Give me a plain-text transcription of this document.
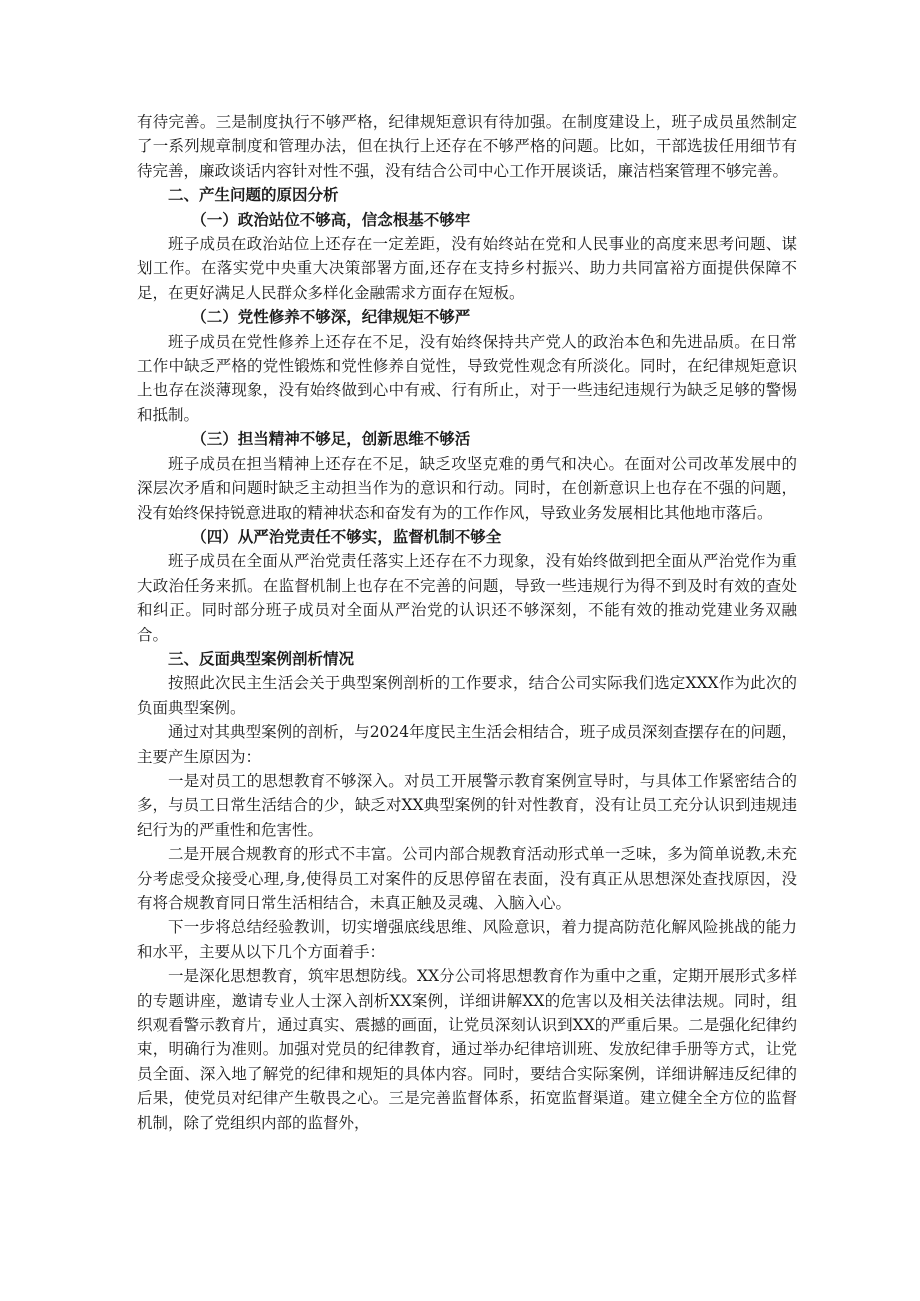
有待完善。三是制度执行不够严格，纪律规矩意识有待加强。在制度建设上，班子成员虽然制定了一系列规章制度和管理办法，但在执行上还存在不够严格的问题。比如，干部选拔任用细节有待完善，廉政谈话内容针对性不强，没有结合公司中心工作开展谈话，廉洁档案管理不够完善。

二、产生问题的原因分析

（一）政治站位不够高，信念根基不够牢

班子成员在政治站位上还存在一定差距，没有始终站在党和人民事业的高度来思考问题、谋划工作。在落实党中央重大决策部署方面,还存在支持乡村振兴、助力共同富裕方面提供保障不足，在更好满足人民群众多样化金融需求方面存在短板。

（二）党性修养不够深，纪律规矩不够严

班子成员在党性修养上还存在不足，没有始终保持共产党人的政治本色和先进品质。在日常工作中缺乏严格的党性锻炼和党性修养自觉性，导致党性观念有所淡化。同时，在纪律规矩意识上也存在淡薄现象，没有始终做到心中有戒、行有所止，对于一些违纪违规行为缺乏足够的警惕和抵制。

（三）担当精神不够足，创新思维不够活

班子成员在担当精神上还存在不足，缺乏攻坚克难的勇气和决心。在面对公司改革发展中的深层次矛盾和问题时缺乏主动担当作为的意识和行动。同时，在创新意识上也存在不强的问题，没有始终保持锐意进取的精神状态和奋发有为的工作作风，导致业务发展相比其他地市落后。

（四）从严治党责任不够实，监督机制不够全

班子成员在全面从严治党责任落实上还存在不力现象，没有始终做到把全面从严治党作为重大政治任务来抓。在监督机制上也存在不完善的问题，导致一些违规行为得不到及时有效的查处和纠正。同时部分班子成员对全面从严治党的认识还不够深刻，不能有效的推动党建业务双融合。

三、反面典型案例剖析情况

按照此次民主生活会关于典型案例剖析的工作要求，结合公司实际我们选定XXX作为此次的负面典型案例。

通过对其典型案例的剖析，与2024年度民主生活会相结合，班子成员深刻查摆存在的问题，主要产生原因为：

一是对员工的思想教育不够深入。对员工开展警示教育案例宣导时，与具体工作紧密结合的多，与员工日常生活结合的少，缺乏对XX典型案例的针对性教育，没有让员工充分认识到违规违纪行为的严重性和危害性。

二是开展合规教育的形式不丰富。公司内部合规教育活动形式单一乏味，多为简单说教,未充分考虑受众接受心理,身,使得员工对案件的反思停留在表面，没有真正从思想深处查找原因，没有将合规教育同日常生活相结合，未真正触及灵魂、入脑入心。

下一步将总结经验教训，切实增强底线思维、风险意识，着力提高防范化解风险挑战的能力和水平，主要从以下几个方面着手：

一是深化思想教育，筑牢思想防线。XX分公司将思想教育作为重中之重，定期开展形式多样的专题讲座，邀请专业人士深入剖析XX案例，详细讲解XX的危害以及相关法律法规。同时，组织观看警示教育片，通过真实、震撼的画面，让党员深刻认识到XX的严重后果。二是强化纪律约束，明确行为准则。加强对党员的纪律教育，通过举办纪律培训班、发放纪律手册等方式，让党员全面、深入地了解党的纪律和规矩的具体内容。同时，要结合实际案例，详细讲解违反纪律的后果，使党员对纪律产生敬畏之心。三是完善监督体系，拓宽监督渠道。建立健全全方位的监督机制，除了党组织内部的监督外，
